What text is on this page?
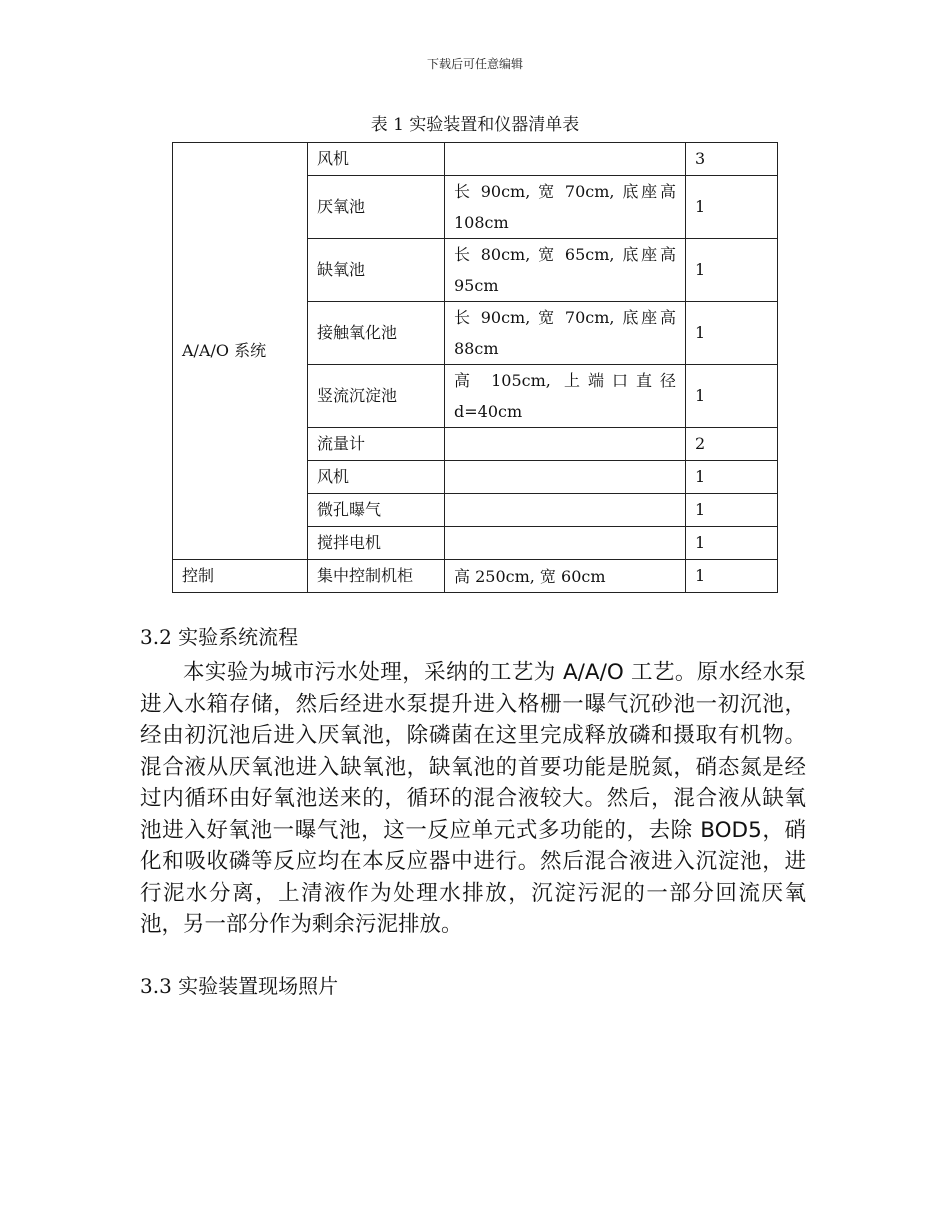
下载后可任意编辑
表 1 实验装置和仪器清单表
A/A/O 系统	风机		3
	厌氧池	长 90cm, 宽 70cm, 底座高 108cm	1
	缺氧池	长 80cm, 宽 65cm, 底座高 95cm	1
	接触氧化池	长 90cm, 宽 70cm, 底座高 88cm	1
	竖流沉淀池	高 105cm, 上端口直径 d=40cm	1
	流量计		2
	风机		1
	微孔曝气		1
	搅拌电机		1
控制	集中控制机柜	高 250cm, 宽 60cm	1
3.2 实验系统流程

本实验为城市污水处理，采纳的工艺为 A/A/O 工艺。原水经水泵进入水箱存储，然后经进水泵提升进入格栅一曝气沉砂池一初沉池，经由初沉池后进入厌氧池，除磷菌在这里完成释放磷和摄取有机物。混合液从厌氧池进入缺氧池，缺氧池的首要功能是脱氮，硝态氮是经过内循环由好氧池送来的，循环的混合液较大。然后，混合液从缺氧池进入好氧池一曝气池，这一反应单元式多功能的，去除 BOD5，硝化和吸收磷等反应均在本反应器中进行。然后混合液进入沉淀池，进行泥水分离，上清液作为处理水排放，沉淀污泥的一部分回流厌氧池，另一部分作为剩余污泥排放。

3.3 实验装置现场照片
